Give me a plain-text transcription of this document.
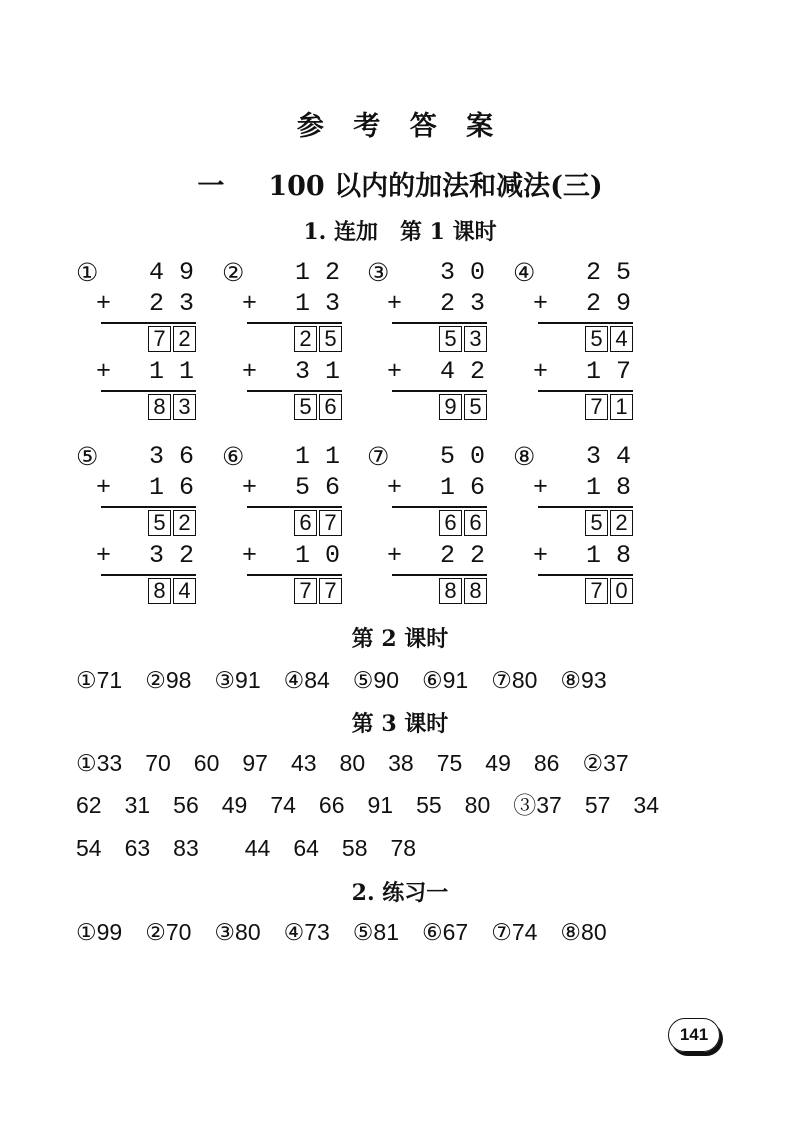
参 考 答 案
一 100 以内的加法和减法(三)
1. 连加　第 1 课时
①	4 9
+ 2 3
7 2
+ 1 1
8 3
②	1 2
+ 1 3
2 5
+ 3 1
5 6
③	3 0
+ 2 3
5 3
+ 4 2
9 5
④	2 5
+ 2 9
5 4
+ 1 7
7 1
⑤	3 6
+ 1 6
5 2
+ 3 2
8 4
⑥	1 1
+ 5 6
6 7
+ 1 0
7 7
⑦	5 0
+ 1 6
6 6
+ 2 2
8 8
⑧	3 4
+ 1 8
5 2
+ 1 8
7 0
第 2 课时
①71　②98　③91　④84　⑤90　⑥91　⑦80　⑧93
第 3 课时
①33　70　60　97　43　80　38　75　49　86　②37
62　31　56　49　74　66　91　55　80　③37　57　34
54　63　83　　44　64　58　78
2. 练习一
①99　②70　③80　④73　⑤81　⑥67　⑦74　⑧80
141
